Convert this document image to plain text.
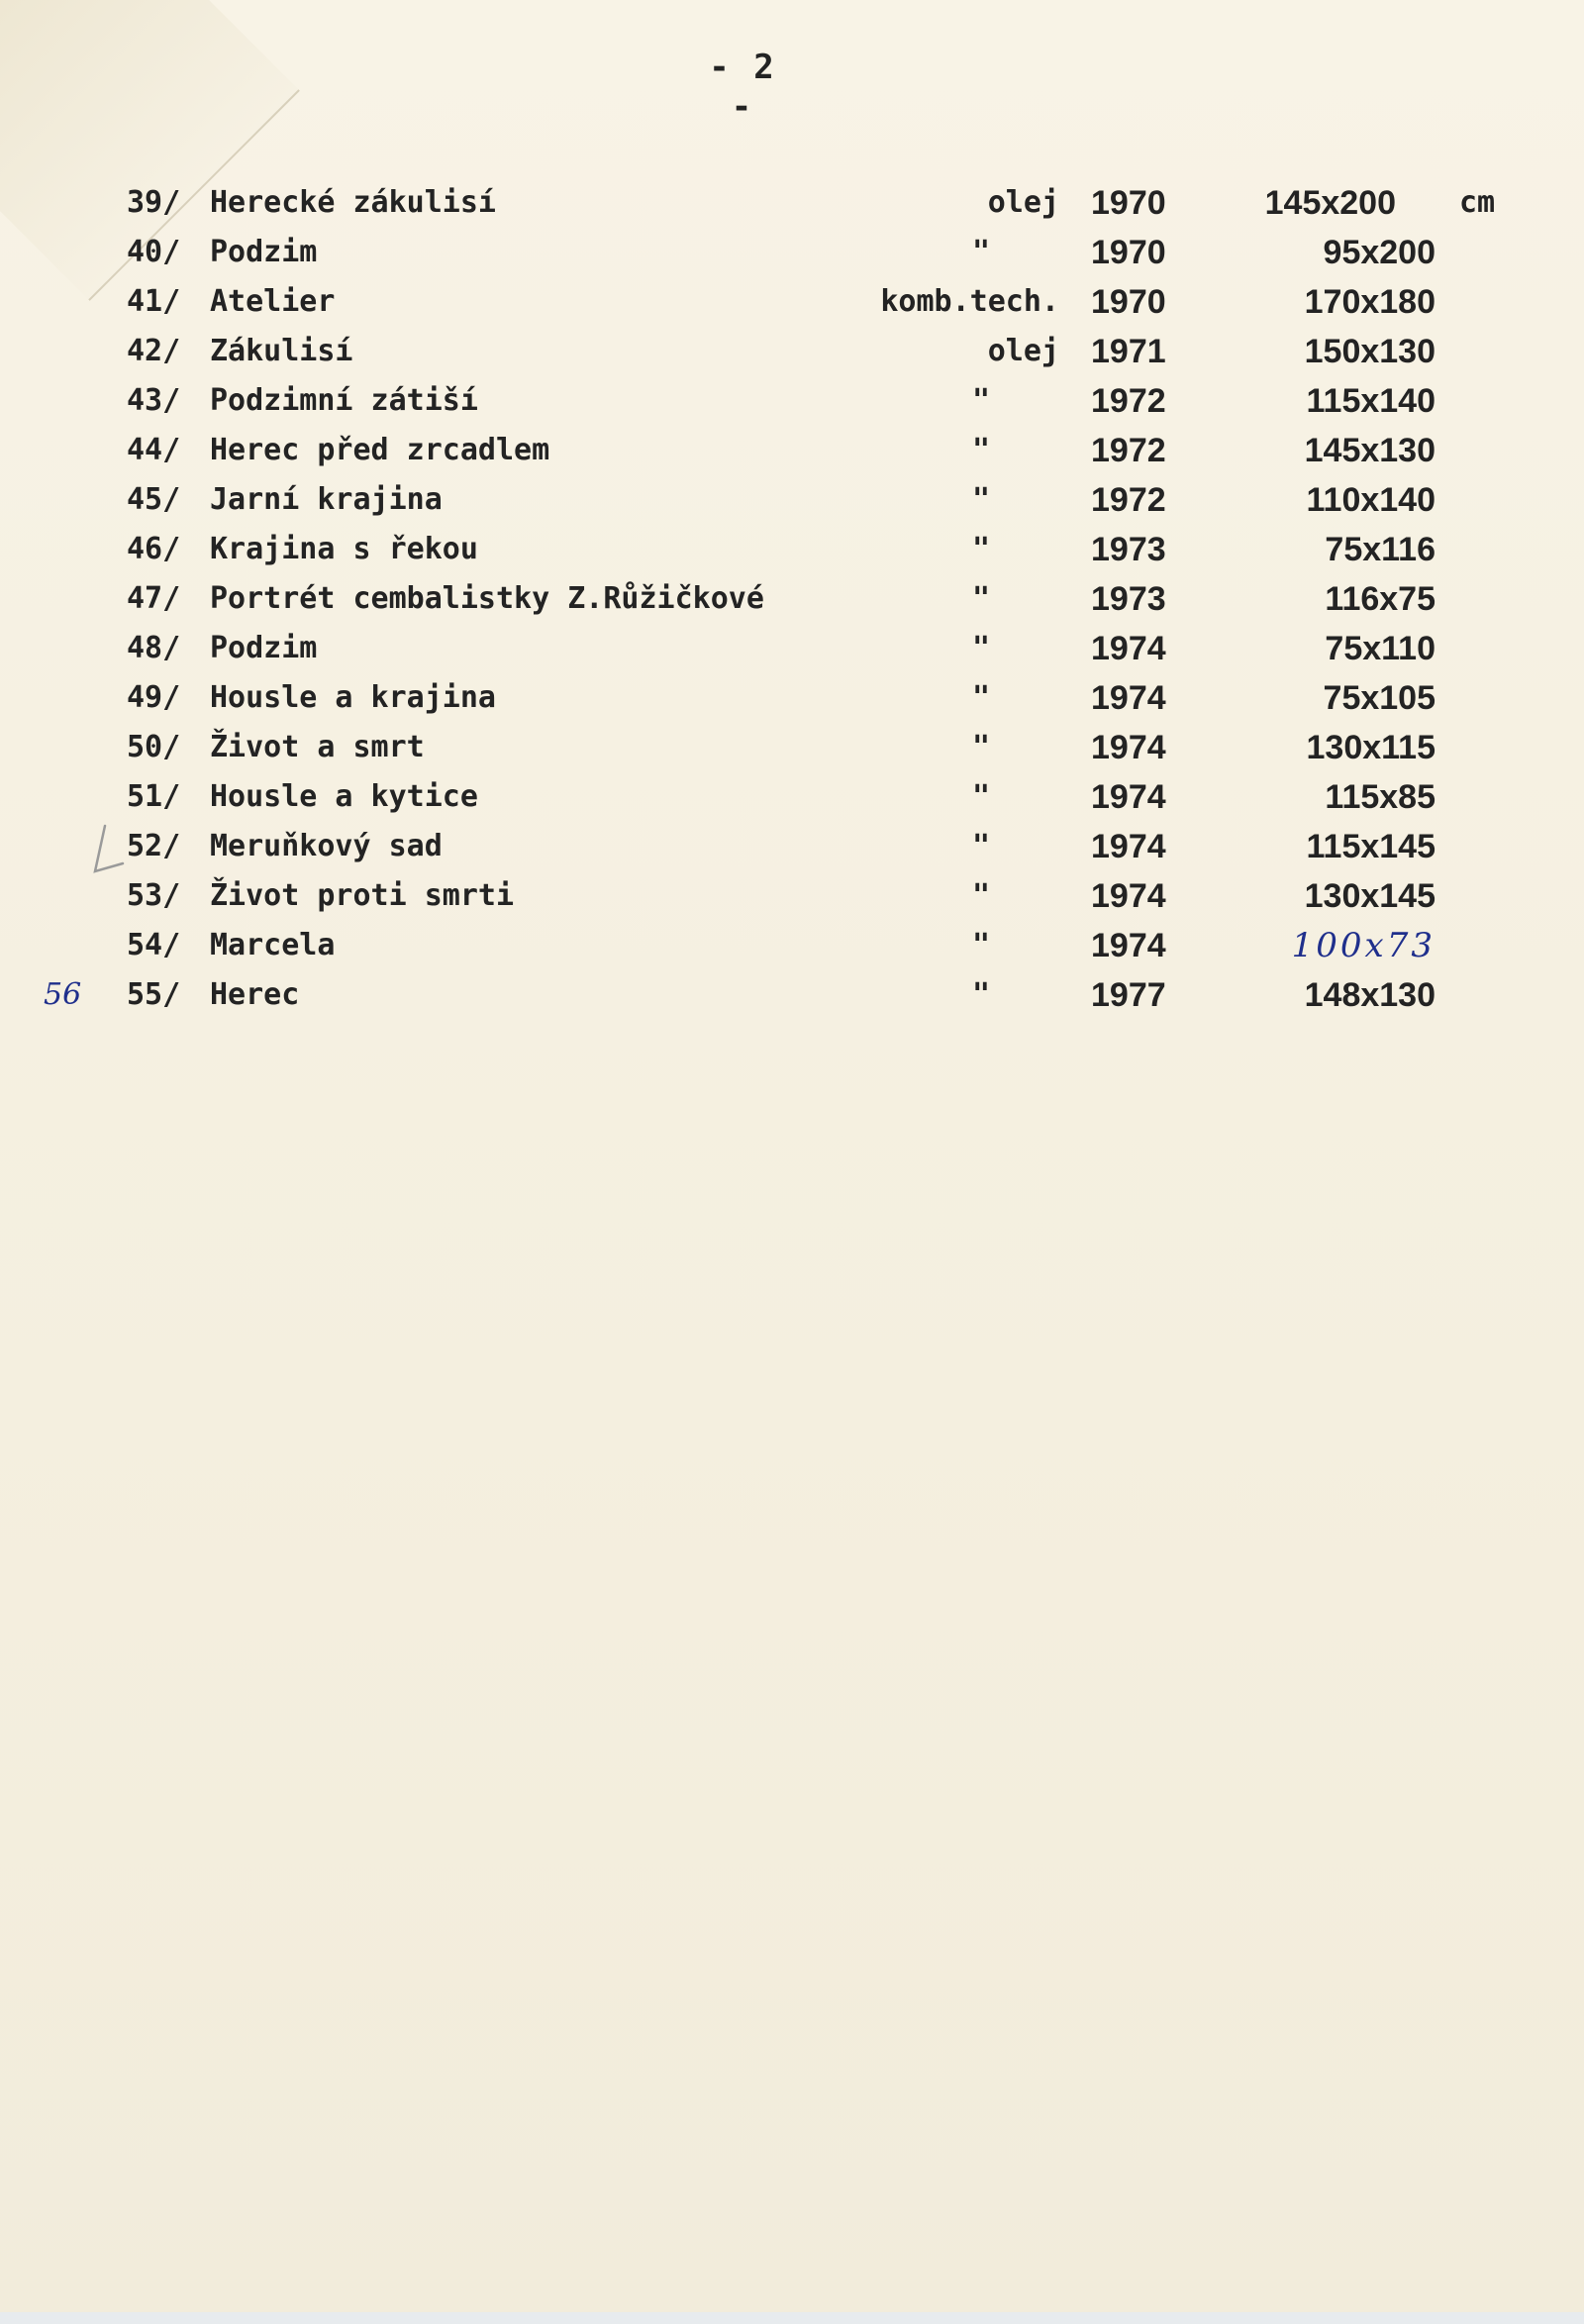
- 2 -
39/ Herecké zákulisí	olej 1970	145x200 cm
40/ Podzim	"	1970	95x200
41/ Atelier	komb.tech. 1970	170x180
42/ Zákulisí	olej 1971	150x130
43/ Podzimní zátiší	"	1972	115x140
44/ Herec před zrcadlem	"	1972	145x130
45/ Jarní krajina	"	1972	110x140
46/ Krajina s řekou	"	1973	75x116
47/ Portrét cembalistky Z.Růžičkové	"	1973	116x75
48/ Podzim	"	1974	75x110
49/ Housle a krajina	"	1974	75x105
50/ Život a smrt	"	1974	130x115
51/ Housle a kytice	"	1974	115x85
52/ Meruňkový sad	"	1974	115x145
53/ Život proti smrti	"	1974	130x145
54/ Marcela	"	1974	100x73
55/ Herec	"	1977	148x130
56
